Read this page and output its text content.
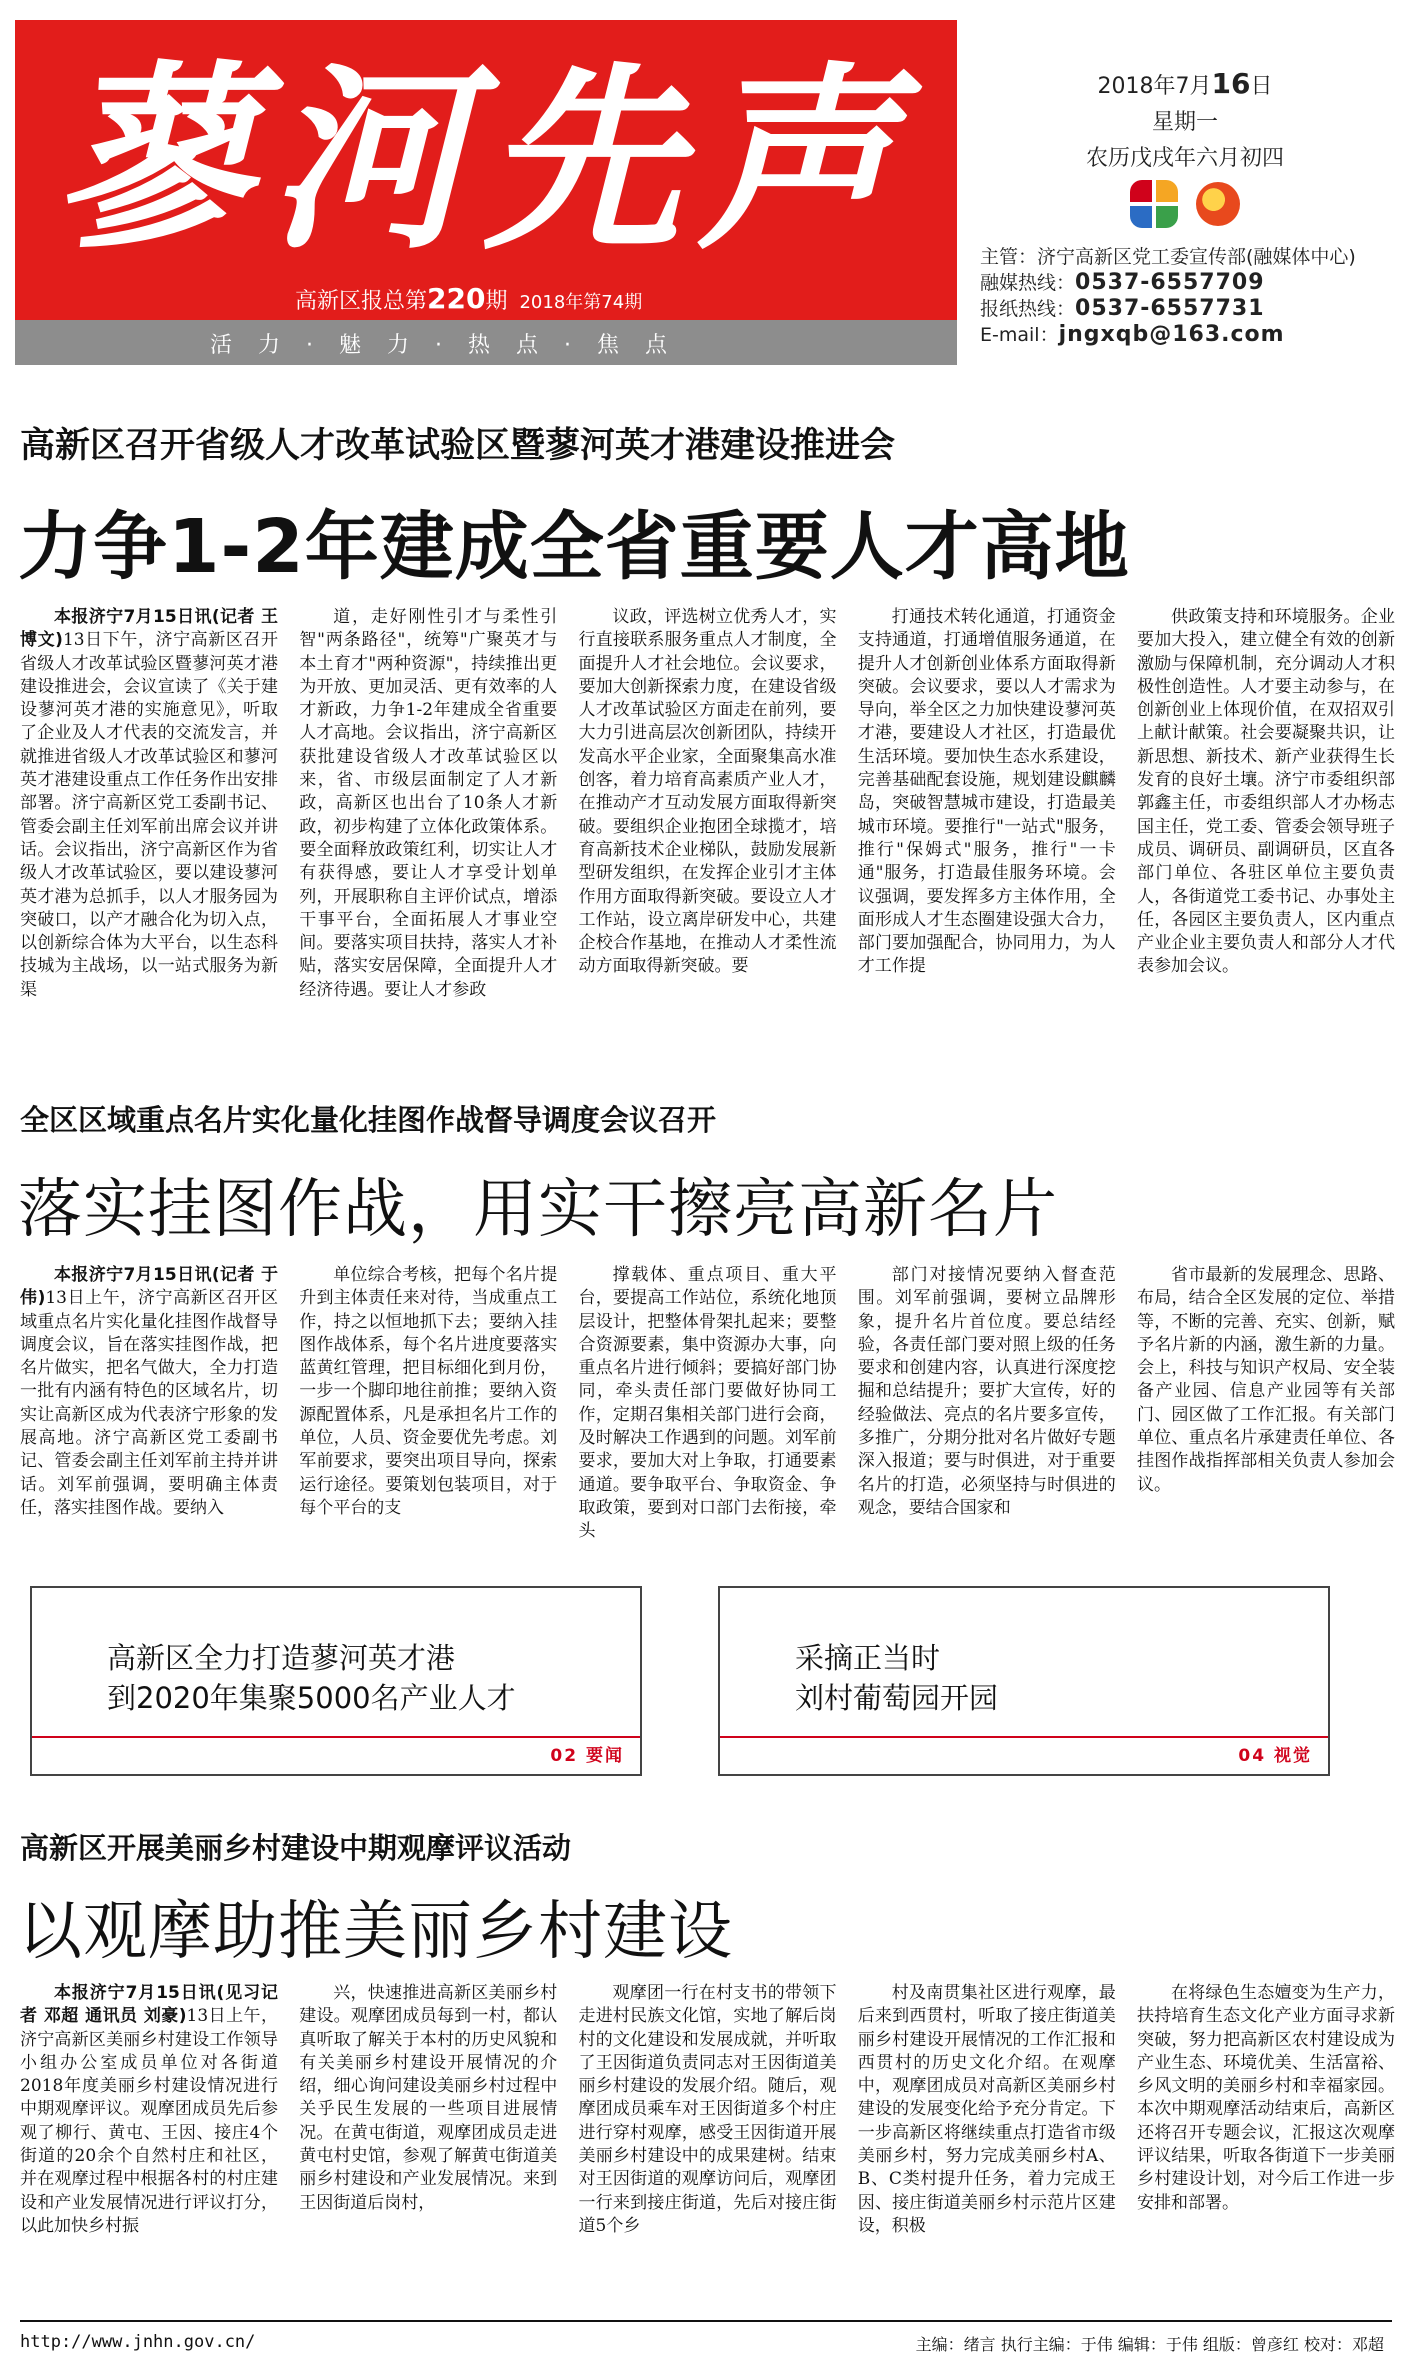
蓼河先声
高新区报总第220期 2018年第74期
活力·魅力·热点·焦点
2018年7月16日
星期一
农历戊戌年六月初四
主管：济宁高新区党工委宣传部(融媒体中心)
融媒热线：0537-6557709
报纸热线：0537-6557731
E-mail：jngxqb@163.com
高新区召开省级人才改革试验区暨蓼河英才港建设推进会
力争1-2年建成全省重要人才高地

本报济宁7月15日讯(记者 王博文)13日下午，济宁高新区召开省级人才改革试验区暨蓼河英才港建设推进会，会议宣读了《关于建设蓼河英才港的实施意见》，听取了企业及人才代表的交流发言，并就推进省级人才改革试验区和蓼河英才港建设重点工作任务作出安排部署。济宁高新区党工委副书记、管委会副主任刘军前出席会议并讲话。会议指出，济宁高新区作为省级人才改革试验区，要以建设蓼河英才港为总抓手，以人才服务园为突破口，以产才融合化为切入点，以创新综合体为大平台，以生态科技城为主战场，以一站式服务为新渠

道，走好刚性引才与柔性引智"两条路径"，统筹"广聚英才与本土育才"两种资源"，持续推出更为开放、更加灵活、更有效率的人才新政，力争1-2年建成全省重要人才高地。会议指出，济宁高新区获批建设省级人才改革试验区以来，省、市级层面制定了人才新政，高新区也出台了10条人才新政，初步构建了立体化政策体系。要全面释放政策红利，切实让人才有获得感，要让人才享受计划单列，开展职称自主评价试点，增添干事平台，全面拓展人才事业空间。要落实项目扶持，落实人才补贴，落实安居保障，全面提升人才经济待遇。要让人才参政

议政，评选树立优秀人才，实行直接联系服务重点人才制度，全面提升人才社会地位。会议要求，要加大创新探索力度，在建设省级人才改革试验区方面走在前列，要大力引进高层次创新团队，持续开发高水平企业家，全面聚集高水准创客，着力培育高素质产业人才，在推动产才互动发展方面取得新突破。要组织企业抱团全球揽才，培育高新技术企业梯队，鼓励发展新型研发组织，在发挥企业引才主体作用方面取得新突破。要设立人才工作站，设立离岸研发中心，共建企校合作基地，在推动人才柔性流动方面取得新突破。要

打通技术转化通道，打通资金支持通道，打通增值服务通道，在提升人才创新创业体系方面取得新突破。会议要求，要以人才需求为导向，举全区之力加快建设蓼河英才港，要建设人才社区，打造最优生活环境。要加快生态水系建设，完善基础配套设施，规划建设麒麟岛，突破智慧城市建设，打造最美城市环境。要推行"一站式"服务，推行"保姆式"服务，推行"一卡通"服务，打造最佳服务环境。会议强调，要发挥多方主体作用，全面形成人才生态圈建设强大合力，部门要加强配合，协同用力，为人才工作提

供政策支持和环境服务。企业要加大投入，建立健全有效的创新激励与保障机制，充分调动人才积极性创造性。人才要主动参与，在创新创业上体现价值，在双招双引上献计献策。社会要凝聚共识，让新思想、新技术、新产业获得生长发育的良好土壤。济宁市委组织部郭鑫主任，市委组织部人才办杨志国主任，党工委、管委会领导班子成员、调研员、副调研员，区直各部门单位、各驻区单位主要负责人，各街道党工委书记、办事处主任，各园区主要负责人，区内重点产业企业主要负责人和部分人才代表参加会议。

全区区域重点名片实化量化挂图作战督导调度会议召开
落实挂图作战，用实干擦亮高新名片

本报济宁7月15日讯(记者 于伟)13日上午，济宁高新区召开区域重点名片实化量化挂图作战督导调度会议，旨在落实挂图作战，把名片做实，把名气做大，全力打造一批有内涵有特色的区域名片，切实让高新区成为代表济宁形象的发展高地。济宁高新区党工委副书记、管委会副主任刘军前主持并讲话。刘军前强调，要明确主体责任，落实挂图作战。要纳入

单位综合考核，把每个名片提升到主体责任来对待，当成重点工作，持之以恒地抓下去；要纳入挂图作战体系，每个名片进度要落实蓝黄红管理，把目标细化到月份，一步一个脚印地往前推；要纳入资源配置体系，凡是承担名片工作的单位，人员、资金要优先考虑。刘军前要求，要突出项目导向，探索运行途径。要策划包装项目，对于每个平台的支

撑载体、重点项目、重大平台，要提高工作站位，系统化地顶层设计，把整体骨架扎起来；要整合资源要素，集中资源办大事，向重点名片进行倾斜；要搞好部门协同，牵头责任部门要做好协同工作，定期召集相关部门进行会商，及时解决工作遇到的问题。刘军前要求，要加大对上争取，打通要素通道。要争取平台、争取资金、争取政策，要到对口部门去衔接，牵头

部门对接情况要纳入督查范围。刘军前强调，要树立品牌形象，提升名片首位度。要总结经验，各责任部门要对照上级的任务要求和创建内容，认真进行深度挖掘和总结提升；要扩大宣传，好的经验做法、亮点的名片要多宣传，多推广，分期分批对名片做好专题深入报道；要与时俱进，对于重要名片的打造，必须坚持与时俱进的观念，要结合国家和

省市最新的发展理念、思路、布局，结合全区发展的定位、举措等，不断的完善、充实、创新，赋予名片新的内涵，激生新的力量。会上，科技与知识产权局、安全装备产业园、信息产业园等有关部门、园区做了工作汇报。有关部门单位、重点名片承建责任单位、各挂图作战指挥部相关负责人参加会议。

高新区全力打造蓼河英才港
到2020年集聚5000名产业人才
02 要闻
采摘正当时
刘村葡萄园开园
04 视觉
高新区开展美丽乡村建设中期观摩评议活动
以观摩助推美丽乡村建设

本报济宁7月15日讯(见习记者 邓超 通讯员 刘豪)13日上午，济宁高新区美丽乡村建设工作领导小组办公室成员单位对各街道2018年度美丽乡村建设情况进行中期观摩评议。观摩团成员先后参观了柳行、黄屯、王因、接庄4个街道的20余个自然村庄和社区，并在观摩过程中根据各村的村庄建设和产业发展情况进行评议打分，以此加快乡村振

兴，快速推进高新区美丽乡村建设。观摩团成员每到一村，都认真听取了解关于本村的历史风貌和有关美丽乡村建设开展情况的介绍，细心询问建设美丽乡村过程中关乎民生发展的一些项目进展情况。在黄屯街道，观摩团成员走进黄屯村史馆，参观了解黄屯街道美丽乡村建设和产业发展情况。来到王因街道后岗村，

观摩团一行在村支书的带领下走进村民族文化馆，实地了解后岗村的文化建设和发展成就，并听取了王因街道负责同志对王因街道美丽乡村建设的发展介绍。随后，观摩团成员乘车对王因街道多个村庄进行穿村观摩，感受王因街道开展美丽乡村建设中的成果建树。结束对王因街道的观摩访问后，观摩团一行来到接庄街道，先后对接庄街道5个乡

村及南贯集社区进行观摩，最后来到西贯村，听取了接庄街道美丽乡村建设开展情况的工作汇报和西贯村的历史文化介绍。在观摩中，观摩团成员对高新区美丽乡村建设的发展变化给予充分肯定。下一步高新区将继续重点打造省市级美丽乡村，努力完成美丽乡村A、B、C类村提升任务，着力完成王因、接庄街道美丽乡村示范片区建设，积极

在将绿色生态嬗变为生产力，扶持培育生态文化产业方面寻求新突破，努力把高新区农村建设成为产业生态、环境优美、生活富裕、乡风文明的美丽乡村和幸福家园。本次中期观摩活动结束后，高新区还将召开专题会议，汇报这次观摩评议结果，听取各街道下一步美丽乡村建设计划，对今后工作进一步安排和部署。

http://www.jnhn.gov.cn/	主编：绪言 执行主编：于伟 编辑：于伟 组版：曾彦红 校对：邓超
